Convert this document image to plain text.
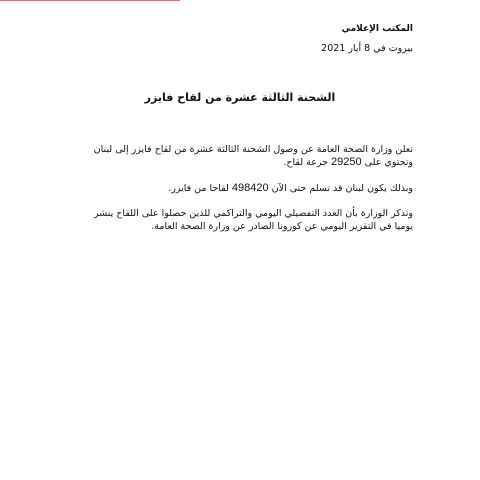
المكتب الإعلامي
بيروت في 8 أيار 2021
الشحنة الثالثة عشرة من لقاح فايزر
تعلن وزارة الصحة العامة عن وصول الشحنة الثالثة عشرة من لقاح فايزر إلى لبنان وتحتوي على 29250 جرعة لقاح.
وبذلك يكون لبنان قد تسلم حتى الآن 498420 لقاحا من فايزر.
وتذكر الوزارة بأن العدد التفصيلي اليومي والتراكمي للذين حصلوا على اللقاح ينشر يوميا في التقرير اليومي عن كورونا الصادر عن وزارة الصحة العامة.
